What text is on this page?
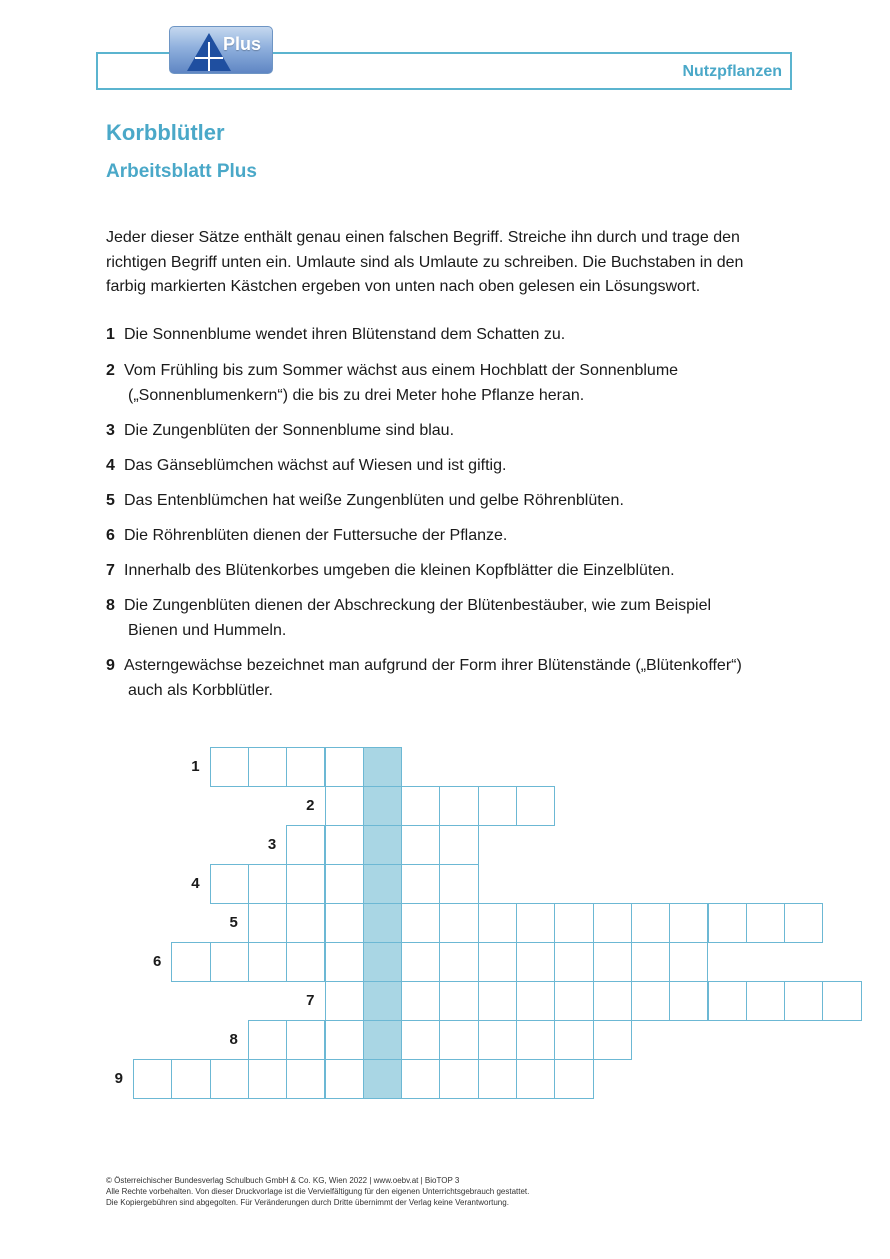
Nutzpflanzen
Plus
Korbblütler
Arbeitsblatt Plus

Jeder dieser Sätze enthält genau einen falschen Begriff. Streiche ihn durch und trage den richtigen Begriff unten ein. Umlaute sind als Umlaute zu schreiben. Die Buchstaben in den farbig markierten Kästchen ergeben von unten nach oben gelesen ein Lösungswort.

1 Die Sonnenblume wendet ihren Blütenstand dem Schatten zu.
2 Vom Frühling bis zum Sommer wächst aus einem Hochblatt der Sonnenblume
(„Sonnenblumenkern“) die bis zu drei Meter hohe Pflanze heran.
3 Die Zungenblüten der Sonnenblume sind blau.
4 Das Gänseblümchen wächst auf Wiesen und ist giftig.
5 Das Entenblümchen hat weiße Zungenblüten und gelbe Röhrenblüten.
6 Die Röhrenblüten dienen der Futtersuche der Pflanze.
7 Innerhalb des Blütenkorbes umgeben die kleinen Kopfblätter die Einzelblüten.
8 Die Zungenblüten dienen der Abschreckung der Blütenbestäuber, wie zum Beispiel
Bienen und Hummeln.
9 Asterngewächse bezeichnet man aufgrund der Form ihrer Blütenstände („Blütenkoffer“)
auch als Korbblütler.
1
2
3
4
5
6
7
8
9
© Österreichischer Bundesverlag Schulbuch GmbH & Co. KG, Wien 2022 | www.oebv.at | BioTOP 3
Alle Rechte vorbehalten. Von dieser Druckvorlage ist die Vervielfältigung für den eigenen Unterrichtsgebrauch gestattet.
Die Kopiergebühren sind abgegolten. Für Veränderungen durch Dritte übernimmt der Verlag keine Verantwortung.
